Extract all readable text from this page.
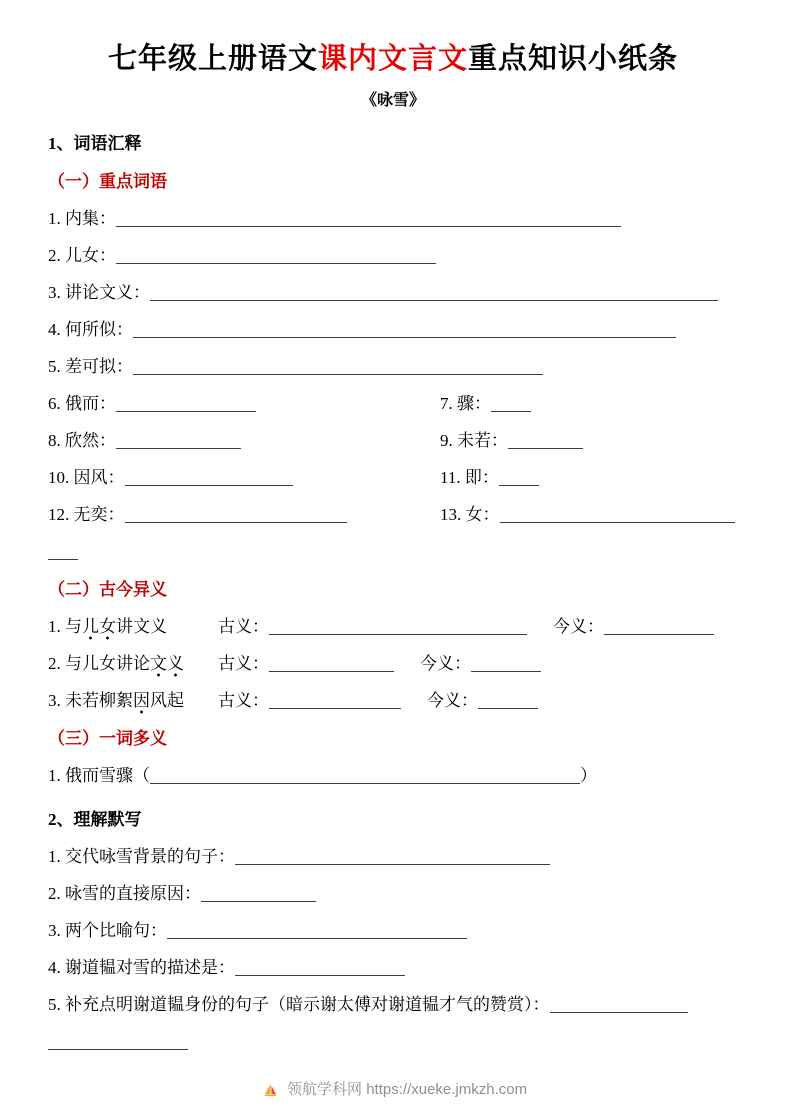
七年级上册语文课内文言文重点知识小纸条
《咏雪》
1、词语汇释
（一）重点词语
1. 内集：
2. 儿女：
3. 讲论文义：
4. 何所似：
5. 差可拟：
6. 俄而：	7. 骤：
8. 欣然：	9. 未若：
10. 因风：	11. 即：
12. 无奕：	13. 女：
（二）古今异义
1. 与儿女讲文义	古义：	今义：
2. 与儿女讲论文义	古义：	今义：
3. 未若柳絮因风起	古义：	今义：
（三）一词多义
1. 俄而雪骤（	）
2、理解默写
1. 交代咏雪背景的句子：
2. 咏雪的直接原因：
3. 两个比喻句：
4. 谢道韫对雪的描述是：
5. 补充点明谢道韫身份的句子（暗示谢太傅对谢道韫才气的赞赏）：
领航学科网 https://xueke.jmkzh.com
